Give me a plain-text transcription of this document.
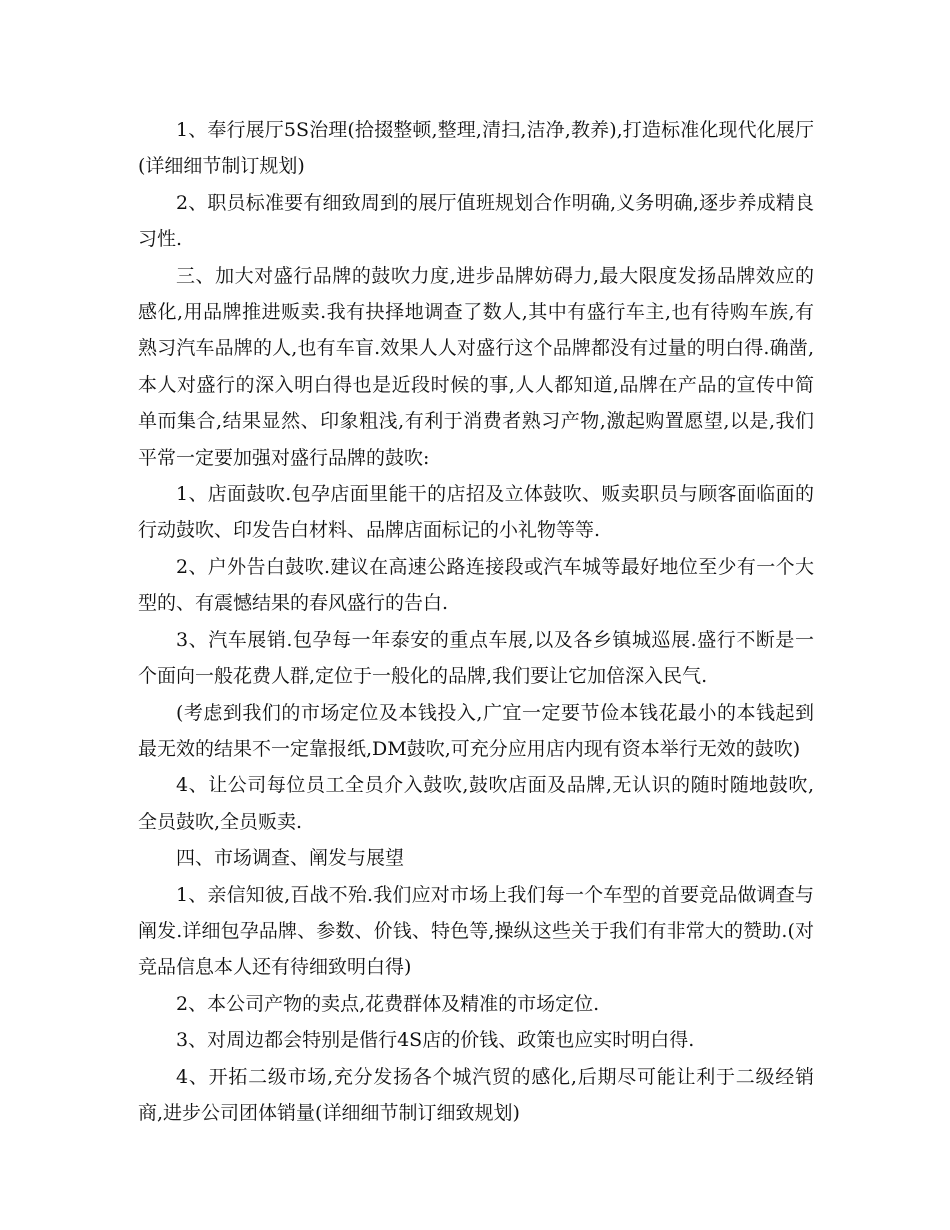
1、奉行展厅5S治理(拾掇整顿,整理,清扫,洁净,教养),打造标准化现代化展厅(详细细节制订规划)

2、职员标准要有细致周到的展厅值班规划合作明确,义务明确,逐步养成精良习性.

三、加大对盛行品牌的鼓吹力度,进步品牌妨碍力,最大限度发扬品牌效应的感化,用品牌推进贩卖.我有抉择地调查了数人,其中有盛行车主,也有待购车族,有熟习汽车品牌的人,也有车盲.效果人人对盛行这个品牌都没有过量的明白得.确凿,本人对盛行的深入明白得也是近段时候的事,人人都知道,品牌在产品的宣传中简单而集合,结果显然、印象粗浅,有利于消费者熟习产物,激起购置愿望,以是,我们平常一定要加强对盛行品牌的鼓吹:

1、店面鼓吹.包孕店面里能干的店招及立体鼓吹、贩卖职员与顾客面临面的行动鼓吹、印发告白材料、品牌店面标记的小礼物等等.

2、户外告白鼓吹.建议在高速公路连接段或汽车城等最好地位至少有一个大型的、有震憾结果的春风盛行的告白.

3、汽车展销.包孕每一年泰安的重点车展,以及各乡镇城巡展.盛行不断是一个面向一般花费人群,定位于一般化的品牌,我们要让它加倍深入民气.

(考虑到我们的市场定位及本钱投入,广宜一定要节俭本钱花最小的本钱起到最无效的结果不一定靠报纸,DM鼓吹,可充分应用店内现有资本举行无效的鼓吹)

4、让公司每位员工全员介入鼓吹,鼓吹店面及品牌,无认识的随时随地鼓吹,全员鼓吹,全员贩卖.

四、市场调查、阐发与展望

1、亲信知彼,百战不殆.我们应对市场上我们每一个车型的首要竞品做调查与阐发.详细包孕品牌、参数、价钱、特色等,操纵这些关于我们有非常大的赞助.(对竞品信息本人还有待细致明白得)

2、本公司产物的卖点,花费群体及精准的市场定位.

3、对周边都会特别是偕行4S店的价钱、政策也应实时明白得.

4、开拓二级市场,充分发扬各个城汽贸的感化,后期尽可能让利于二级经销商,进步公司团体销量(详细细节制订细致规划)
